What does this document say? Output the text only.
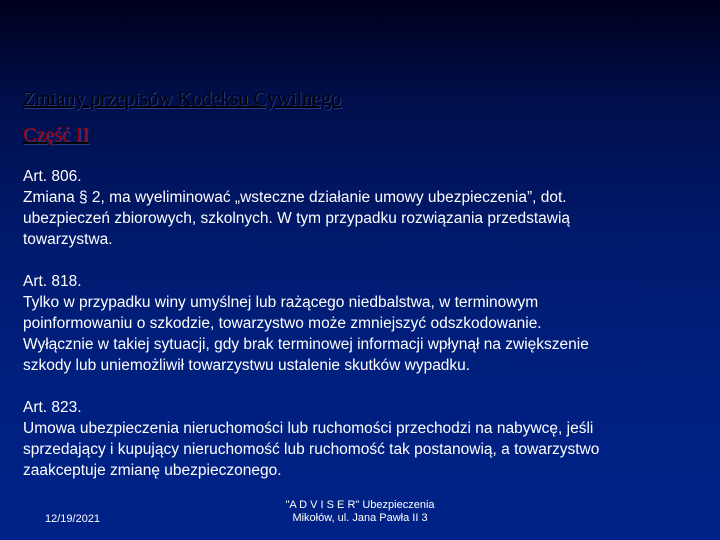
Zmiany przepisów Kodeksu Cywilnego
Część II
Art. 806.
Zmiana § 2, ma wyeliminować „wsteczne działanie umowy ubezpieczenia”, dot.
ubezpieczeń zbiorowych, szkolnych. W tym przypadku rozwiązania przedstawią
towarzystwa.
Art. 818.
Tylko w przypadku winy umyślnej lub rażącego niedbalstwa, w terminowym
poinformowaniu o szkodzie, towarzystwo może zmniejszyć odszkodowanie.
Wyłącznie w takiej sytuacji, gdy brak terminowej informacji wpłynął na zwiększenie
szkody lub uniemożliwił towarzystwu ustalenie skutków wypadku.
Art. 823.
Umowa ubezpieczenia nieruchomości lub ruchomości przechodzi na nabywcę, jeśli
sprzedający i kupujący nieruchomość lub ruchomość tak postanowią, a towarzystwo
zaakceptuje zmianę ubezpieczonego.
12/19/2021
"A D V I S E R" Ubezpieczenia
Mikołów, ul. Jana Pawła II 3
